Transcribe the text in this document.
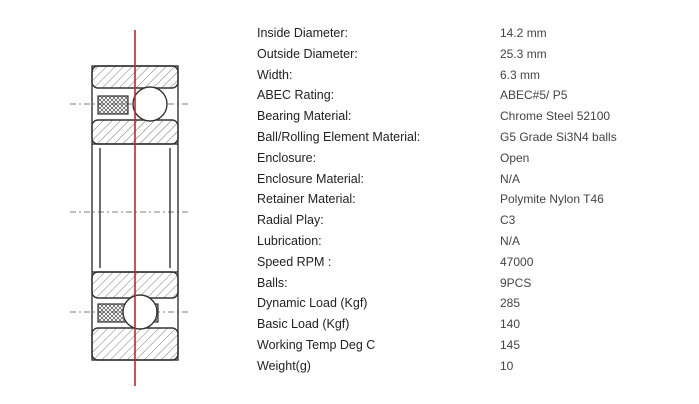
Inside Diameter:	14.2 mm
Outside Diameter:	25.3 mm
Width:	6.3 mm
ABEC Rating:	ABEC#5/ P5
Bearing Material:	Chrome Steel 52100
Ball/Rolling Element Material:	G5 Grade Si3N4 balls
Enclosure:	Open
Enclosure Material:	N/A
Retainer Material:	Polymite Nylon T46
Radial Play:	C3
Lubrication:	N/A
Speed RPM :	47000
Balls:	9PCS
Dynamic Load (Kgf)	285
Basic Load (Kgf)	140
Working Temp Deg C	145
Weight(g)	10
